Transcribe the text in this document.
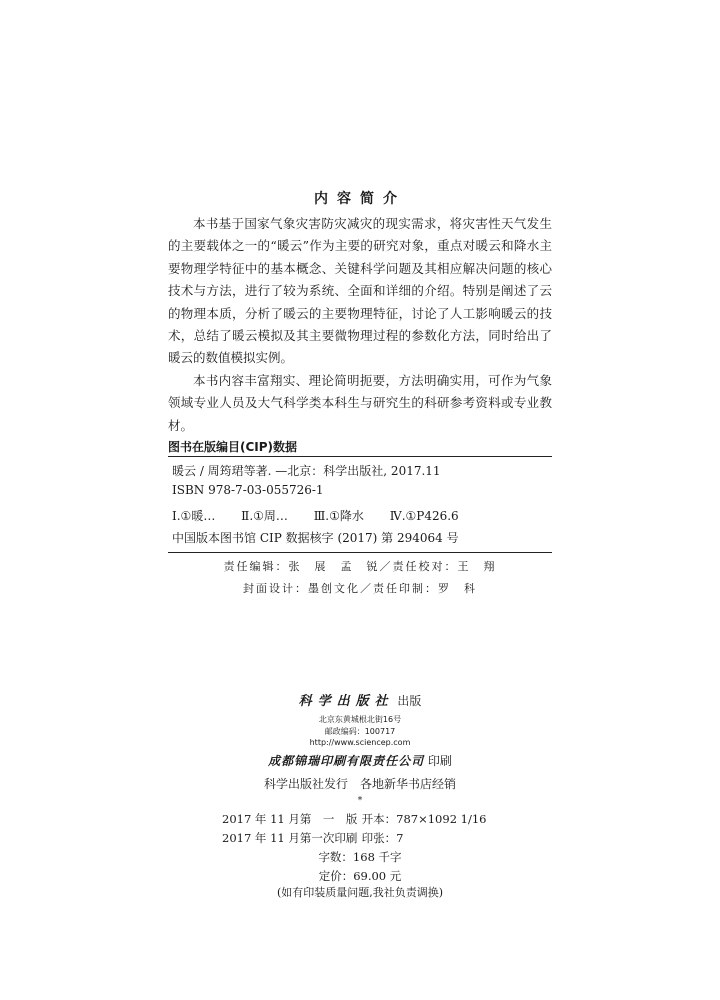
内容简介

本书基于国家气象灾害防灾减灾的现实需求，将灾害性天气发生的主要载体之一的“暖云”作为主要的研究对象，重点对暖云和降水主要物理学特征中的基本概念、关键科学问题及其相应解决问题的核心技术与方法，进行了较为系统、全面和详细的介绍。特别是阐述了云的物理本质，分析了暖云的主要物理特征，讨论了人工影响暖云的技术，总结了暖云模拟及其主要微物理过程的参数化方法，同时给出了暖云的数值模拟实例。

本书内容丰富翔实、理论简明扼要，方法明确实用，可作为气象领域专业人员及大气科学类本科生与研究生的科研参考资料或专业教材。

图书在版编目(CIP)数据
暖云 / 周筠珺等著. —北京：科学出版社, 2017.11
ISBN 978-7-03-055726-1
Ⅰ.①暖… Ⅱ.①周… Ⅲ.①降水 Ⅳ.①P426.6
中国版本图书馆 CIP 数据核字 (2017) 第 294064 号
责任编辑：张　展　孟　锐／责任校对：王　翔
封面设计：墨创文化／责任印制：罗　科
科学出版社 出版
北京东黄城根北街16号
邮政编码：100717
http://www.sciencep.com
成都锦瑞印刷有限责任公司 印刷
科学出版社发行　各地新华书店经销
*
2017 年 11 月第　一　版 开本：787×1092 1/16
2017 年 11 月第一次印刷 印张：7
字数：168 千字
定价：69.00 元
(如有印装质量问题,我社负责调换)
